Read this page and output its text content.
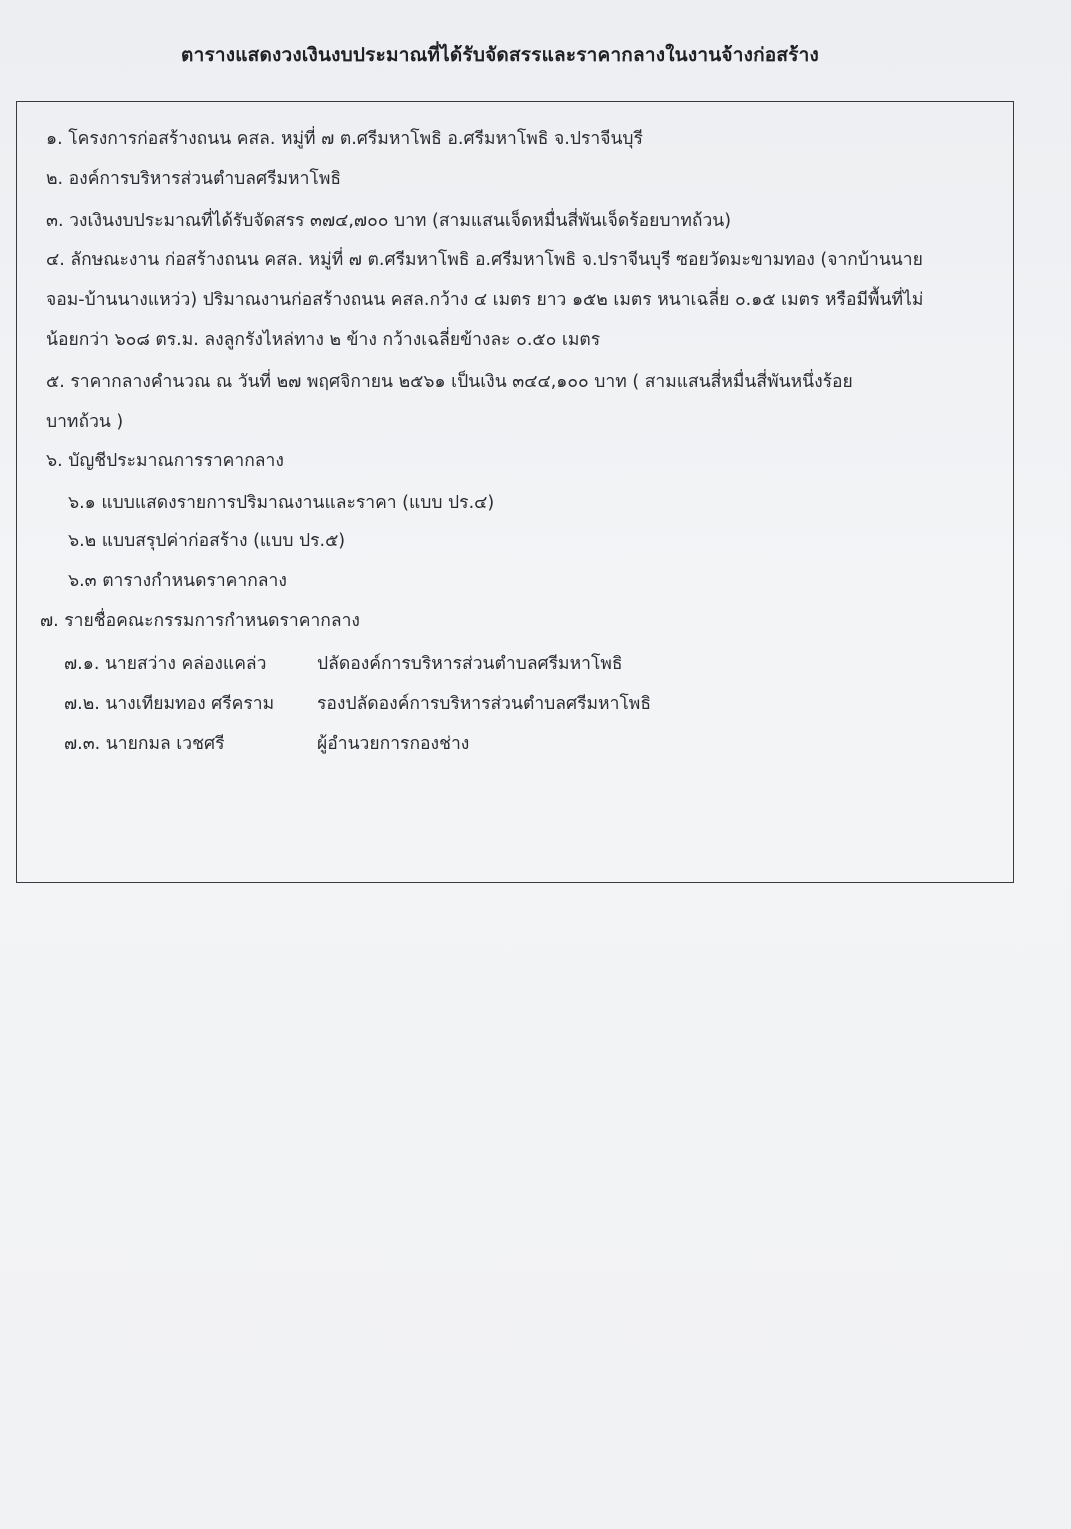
ตารางแสดงวงเงินงบประมาณที่ได้รับจัดสรรและราคากลางในงานจ้างก่อสร้าง
๑. โครงการก่อสร้างถนน คสล. หมู่ที่ ๗ ต.ศรีมหาโพธิ อ.ศรีมหาโพธิ จ.ปราจีนบุรี
๒. องค์การบริหารส่วนตำบลศรีมหาโพธิ
๓. วงเงินงบประมาณที่ได้รับจัดสรร ๓๗๔,๗๐๐ บาท (สามแสนเจ็ดหมื่นสี่พันเจ็ดร้อยบาทถ้วน)
๔. ลักษณะงาน ก่อสร้างถนน คสล. หมู่ที่ ๗ ต.ศรีมหาโพธิ อ.ศรีมหาโพธิ จ.ปราจีนบุรี ซอยวัดมะขามทอง (จากบ้านนาย
จอม-บ้านนางแหว่ว) ปริมาณงานก่อสร้างถนน คสล.กว้าง ๔ เมตร ยาว ๑๕๒ เมตร หนาเฉลี่ย ๐.๑๕ เมตร หรือมีพื้นที่ไม่
น้อยกว่า ๖๐๘ ตร.ม. ลงลูกรังไหล่ทาง ๒ ข้าง กว้างเฉลี่ยข้างละ ๐.๕๐ เมตร
๕. ราคากลางคำนวณ ณ วันที่ ๒๗ พฤศจิกายน ๒๕๖๑ เป็นเงิน ๓๔๔,๑๐๐ บาท ( สามแสนสี่หมื่นสี่พันหนึ่งร้อย
บาทถ้วน )
๖. บัญชีประมาณการราคากลาง
๖.๑ แบบแสดงรายการปริมาณงานและราคา (แบบ ปร.๔)
๖.๒ แบบสรุปค่าก่อสร้าง (แบบ ปร.๕)
๖.๓ ตารางกำหนดราคากลาง
๗. รายชื่อคณะกรรมการกำหนดราคากลาง
๗.๑. นายสว่าง คล่องแคล่ว	ปลัดองค์การบริหารส่วนตำบลศรีมหาโพธิ
๗.๒. นางเทียมทอง ศรีคราม รองปลัดองค์การบริหารส่วนตำบลศรีมหาโพธิ
๗.๓. นายกมล เวชศรี	ผู้อำนวยการกองช่าง
